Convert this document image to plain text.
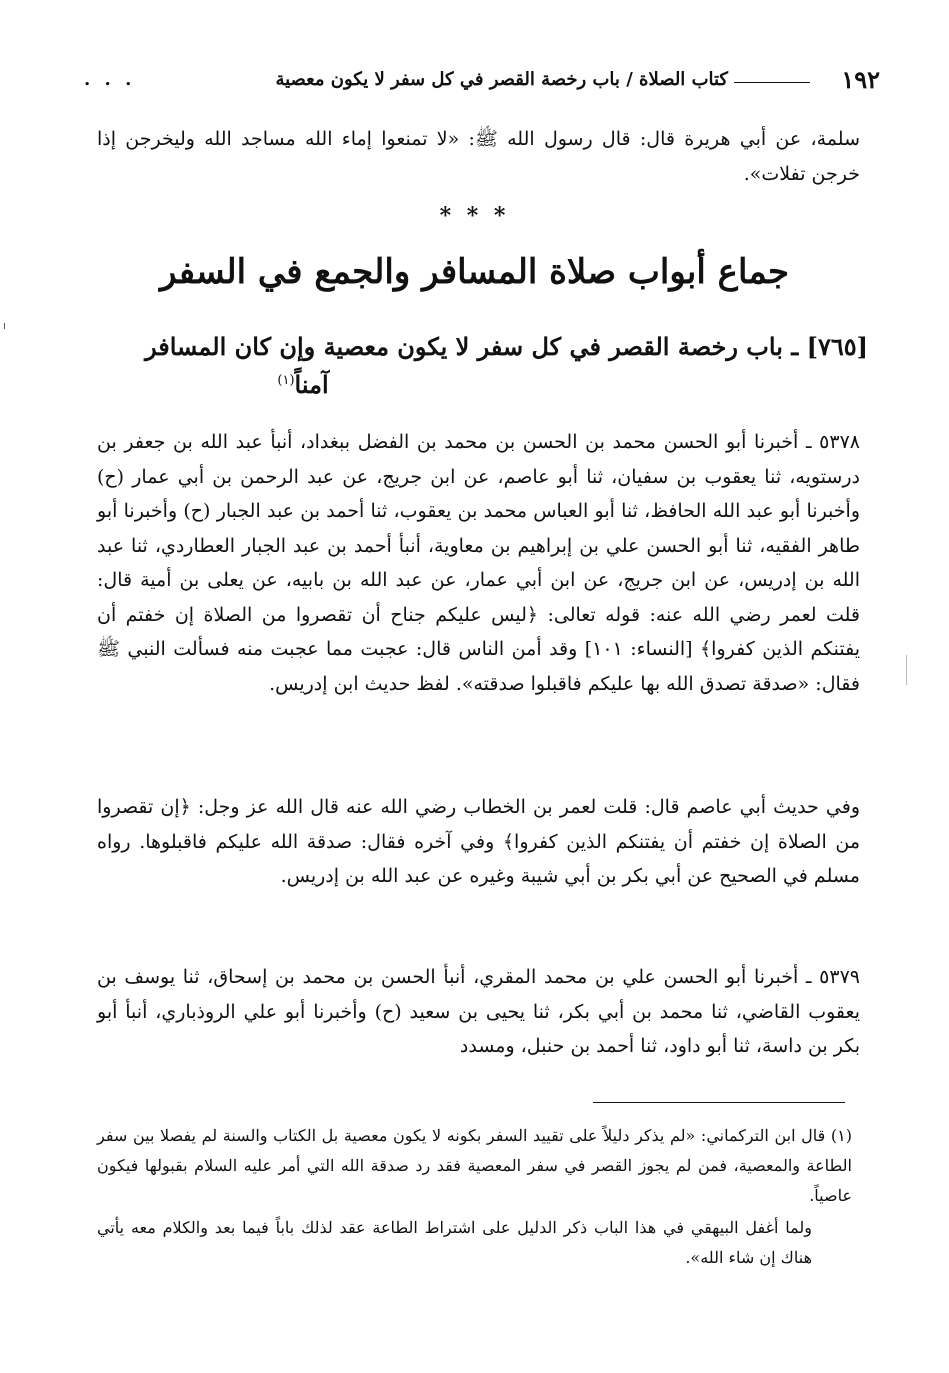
١٩٢
كتاب الصلاة / باب رخصة القصر في كل سفر لا يكون معصية
. . .
سلمة، عن أبي هريرة قال: قال رسول الله ﷺ: «لا تمنعوا إماء الله مساجد الله وليخرجن إذا خرجن تفلات».
* * *
جماع أبواب صلاة المسافر والجمع في السفر
[٧٦٥] ـ باب رخصة القصر في كل سفر لا يكون معصية وإن كان المسافر
آمناً$^{(١)}$
٥٣٧٨ ـ أخبرنا أبو الحسن محمد بن الحسن بن محمد بن الفضل ببغداد، أنبأ عبد الله بن جعفر بن درستويه، ثنا يعقوب بن سفيان، ثنا أبو عاصم، عن ابن جريج، عن عبد الرحمن بن أبي عمار (ح) وأخبرنا أبو عبد الله الحافظ، ثنا أبو العباس محمد بن يعقوب، ثنا أحمد بن عبد الجبار (ح) وأخبرنا أبو طاهر الفقيه، ثنا أبو الحسن علي بن إبراهيم بن معاوية، أنبأ أحمد بن عبد الجبار العطاردي، ثنا عبد الله بن إدريس، عن ابن جريج، عن ابن أبي عمار، عن عبد الله بن بابيه، عن يعلى بن أمية قال: قلت لعمر رضي الله عنه: قوله تعالى: ﴿ليس عليكم جناح أن تقصروا من الصلاة إن خفتم أن يفتنكم الذين كفروا﴾ [النساء: ١٠١] وقد أمن الناس قال: عجبت مما عجبت منه فسألت النبي ﷺ فقال: «صدقة تصدق الله بها عليكم فاقبلوا صدقته». لفظ حديث ابن إدريس.
وفي حديث أبي عاصم قال: قلت لعمر بن الخطاب رضي الله عنه قال الله عز وجل: ﴿إن تقصروا من الصلاة إن خفتم أن يفتنكم الذين كفروا﴾ وفي آخره فقال: صدقة الله عليكم فاقبلوها. رواه مسلم في الصحيح عن أبي بكر بن أبي شيبة وغيره عن عبد الله بن إدريس.
٥٣٧٩ ـ أخبرنا أبو الحسن علي بن محمد المقري، أنبأ الحسن بن محمد بن إسحاق، ثنا يوسف بن يعقوب القاضي، ثنا محمد بن أبي بكر، ثنا يحيى بن سعيد (ح) وأخبرنا أبو علي الروذباري، أنبأ أبو بكر بن داسة، ثنا أبو داود، ثنا أحمد بن حنبل، ومسدد
(١) قال ابن التركماني: «لم يذكر دليلاً على تقييد السفر بكونه لا يكون معصية بل الكتاب والسنة لم يفصلا بين سفر الطاعة والمعصية، فمن لم يجوز القصر في سفر المعصية فقد رد صدقة الله التي أمر عليه السلام بقبولها فيكون عاصياً.
ولما أغفل البيهقي في هذا الباب ذكر الدليل على اشتراط الطاعة عقد لذلك باباً فيما بعد والكلام معه يأتي هناك إن شاء الله».
